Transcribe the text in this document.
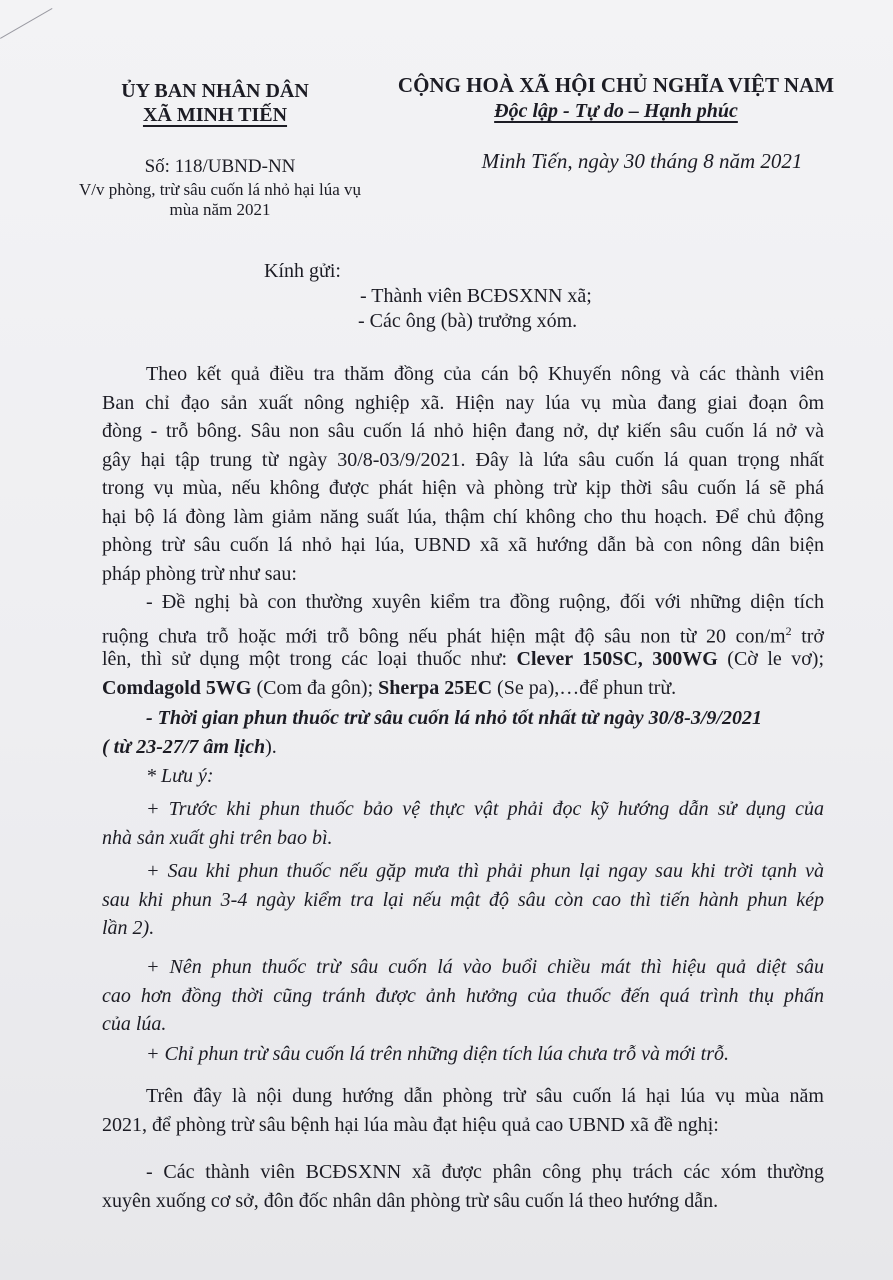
ỦY BAN NHÂN DÂN
XÃ MINH TIẾN
CỘNG HOÀ XÃ HỘI CHỦ NGHĨA VIỆT NAM
Độc lập - Tự do – Hạnh phúc
Số: 118/UBND-NN
V/v phòng, trừ sâu cuốn lá nhỏ hại lúa vụ
mùa năm 2021
Minh Tiến, ngày 30 tháng 8 năm 2021
Kính gửi:
- Thành viên BCĐSXNN xã;
- Các ông (bà) trưởng xóm.
Theo kết quả điều tra thăm đồng của cán bộ Khuyến nông và các thành viên
Ban chỉ đạo sản xuất nông nghiệp xã. Hiện nay lúa vụ mùa đang giai đoạn ôm
đòng - trỗ bông. Sâu non sâu cuốn lá nhỏ hiện đang nở, dự kiến sâu cuốn lá nở và
gây hại tập trung từ ngày 30/8-03/9/2021. Đây là lứa sâu cuốn lá quan trọng nhất
trong vụ mùa, nếu không được phát hiện và phòng trừ kịp thời sâu cuốn lá sẽ phá
hại bộ lá đòng làm giảm năng suất lúa, thậm chí không cho thu hoạch. Để chủ động
phòng trừ sâu cuốn lá nhỏ hại lúa, UBND xã xã hướng dẫn bà con nông dân biện
pháp phòng trừ như sau:
- Đề nghị bà con thường xuyên kiểm tra đồng ruộng, đối với những diện tích
ruộng chưa trỗ hoặc mới trỗ bông nếu phát hiện mật độ sâu non từ 20 con/$m^2$ trở
lên, thì sử dụng một trong các loại thuốc như: Clever 150SC, 300WG (Cờ le vơ);
Comdagold 5WG (Com đa gôn); Sherpa 25EC (Se pa),…để phun trừ.
- Thời gian phun thuốc trừ sâu cuốn lá nhỏ tốt nhất từ ngày 30/8-3/9/2021
( từ 23-27/7 âm lịch).
* Lưu ý:
+ Trước khi phun thuốc bảo vệ thực vật phải đọc kỹ hướng dẫn sử dụng của
nhà sản xuất ghi trên bao bì.
+ Sau khi phun thuốc nếu gặp mưa thì phải phun lại ngay sau khi trời tạnh và
sau khi phun 3-4 ngày kiểm tra lại nếu mật độ sâu còn cao thì tiến hành phun kép
lần 2).
+ Nên phun thuốc trừ sâu cuốn lá vào buổi chiều mát thì hiệu quả diệt sâu
cao hơn đồng thời cũng tránh được ảnh hưởng của thuốc đến quá trình thụ phấn
của lúa.
+ Chỉ phun trừ sâu cuốn lá trên những diện tích lúa chưa trỗ và mới trỗ.
Trên đây là nội dung hướng dẫn phòng trừ sâu cuốn lá hại lúa vụ mùa năm
2021, để phòng trừ sâu bệnh hại lúa màu đạt hiệu quả cao UBND xã đề nghị:
- Các thành viên BCĐSXNN xã được phân công phụ trách các xóm thường
xuyên xuống cơ sở, đôn đốc nhân dân phòng trừ sâu cuốn lá theo hướng dẫn.
